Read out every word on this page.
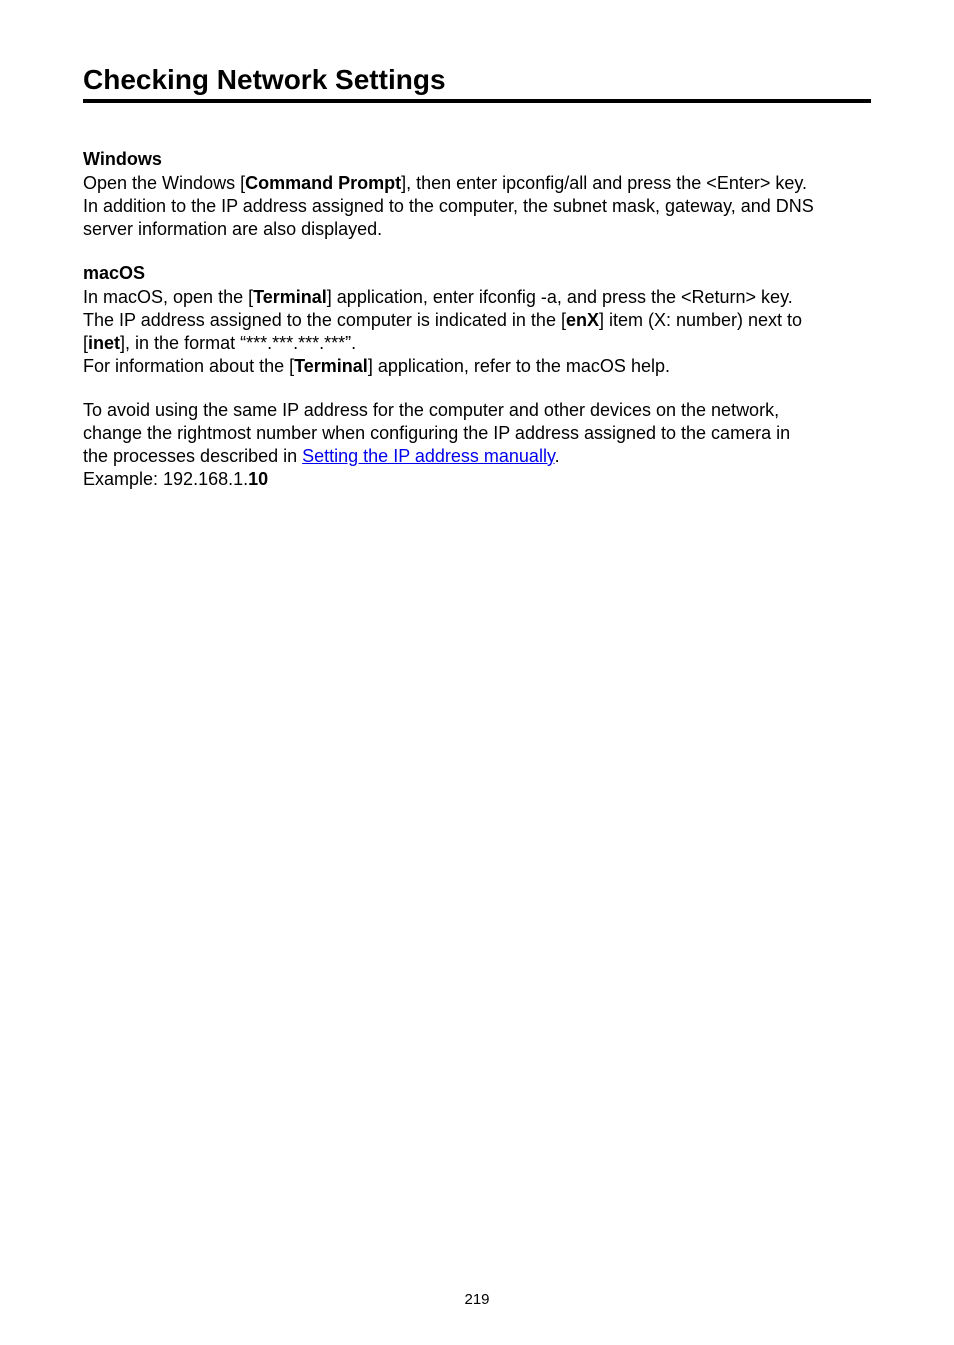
Checking Network Settings
Windows

Open the Windows [Command Prompt], then enter ipconfig/all and press the <Enter> key.
In addition to the IP address assigned to the computer, the subnet mask, gateway, and DNS
server information are also displayed.

macOS

In macOS, open the [Terminal] application, enter ifconfig -a, and press the <Return> key.
The IP address assigned to the computer is indicated in the [enX] item (X: number) next to
[inet], in the format “***.***.***.***”.
For information about the [Terminal] application, refer to the macOS help.

To avoid using the same IP address for the computer and other devices on the network,
change the rightmost number when configuring the IP address assigned to the camera in
the processes described in Setting the IP address manually.
Example: 192.168.1.10

219
